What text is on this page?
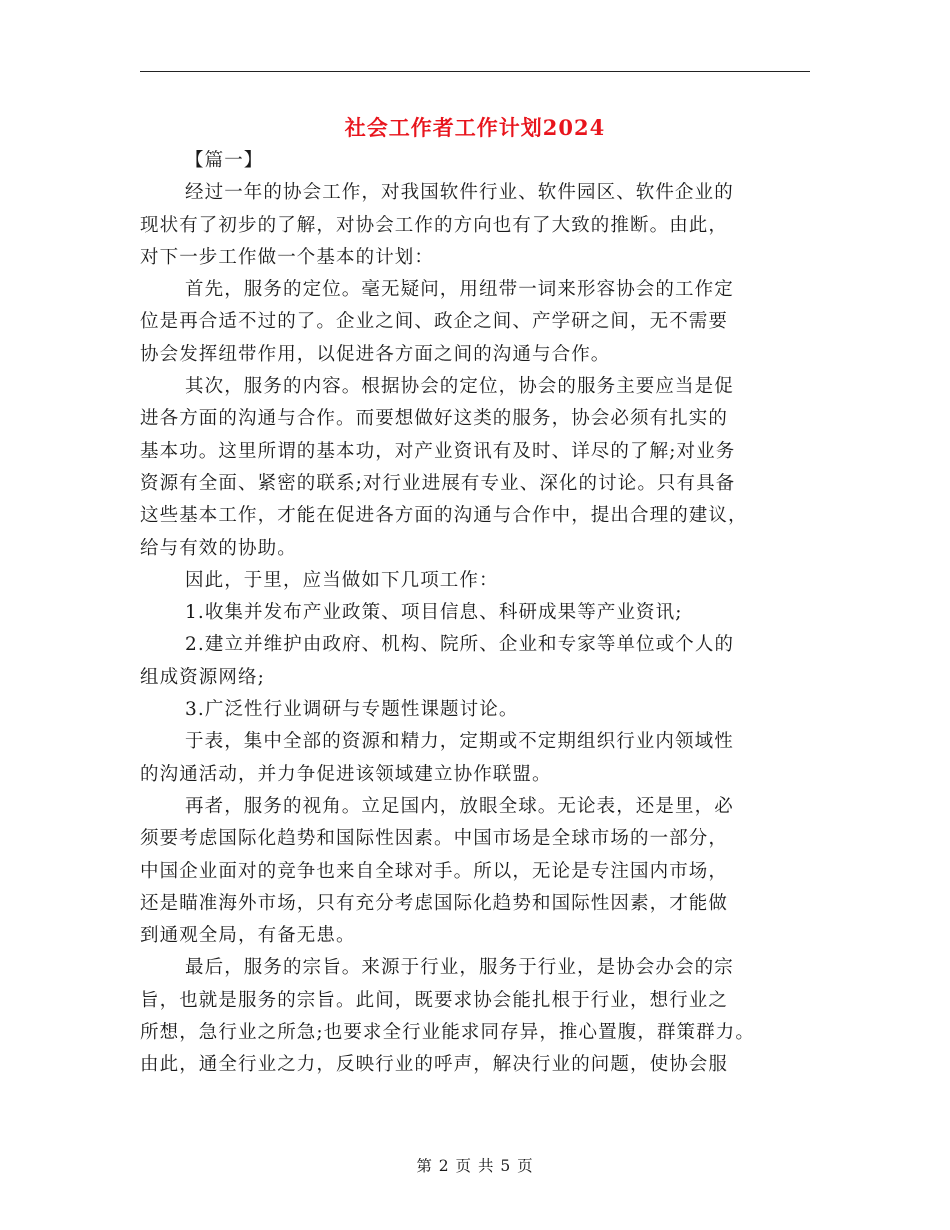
社会工作者工作计划2024
【篇一】
经过一年的协会工作，对我国软件行业、软件园区、软件企业的
现状有了初步的了解，对协会工作的方向也有了大致的推断。由此，
对下一步工作做一个基本的计划：
首先，服务的定位。毫无疑问，用纽带一词来形容协会的工作定
位是再合适不过的了。企业之间、政企之间、产学研之间，无不需要
协会发挥纽带作用，以促进各方面之间的沟通与合作。
其次，服务的内容。根据协会的定位，协会的服务主要应当是促
进各方面的沟通与合作。而要想做好这类的服务，协会必须有扎实的
基本功。这里所谓的基本功，对产业资讯有及时、详尽的了解;对业务
资源有全面、紧密的联系;对行业进展有专业、深化的讨论。只有具备
这些基本工作，才能在促进各方面的沟通与合作中，提出合理的建议，
给与有效的协助。
因此，于里，应当做如下几项工作：
1.收集并发布产业政策、项目信息、科研成果等产业资讯;
2.建立并维护由政府、机构、院所、企业和专家等单位或个人的
组成资源网络;
3.广泛性行业调研与专题性课题讨论。
于表，集中全部的资源和精力，定期或不定期组织行业内领域性
的沟通活动，并力争促进该领域建立协作联盟。
再者，服务的视角。立足国内，放眼全球。无论表，还是里，必
须要考虑国际化趋势和国际性因素。中国市场是全球市场的一部分，
中国企业面对的竞争也来自全球对手。所以，无论是专注国内市场，
还是瞄准海外市场，只有充分考虑国际化趋势和国际性因素，才能做
到通观全局，有备无患。
最后，服务的宗旨。来源于行业，服务于行业，是协会办会的宗
旨，也就是服务的宗旨。此间，既要求协会能扎根于行业，想行业之
所想，急行业之所急;也要求全行业能求同存异，推心置腹，群策群力。
由此，通全行业之力，反映行业的呼声，解决行业的问题，使协会服
第 2 页 共 5 页
